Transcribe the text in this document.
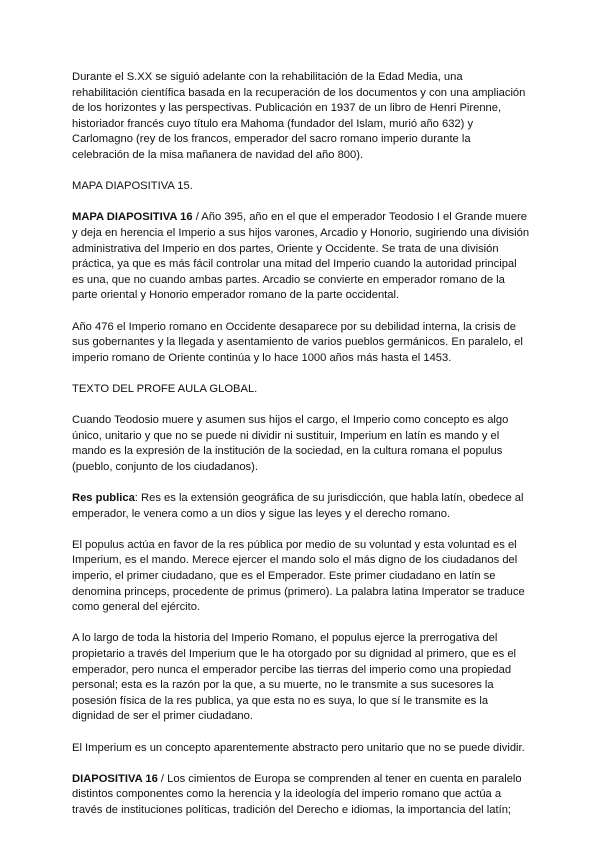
Durante el S.XX se siguió adelante con la rehabilitación de la Edad Media, una rehabilitación científica basada en la recuperación de los documentos y con una ampliación de los horizontes y las perspectivas. Publicación en 1937 de un libro de Henri Pirenne, historiador francés cuyo título era Mahoma (fundador del Islam, murió año 632) y Carlomagno (rey de los francos, emperador del sacro romano imperio durante la celebración de la misa mañanera de navidad del año 800).

MAPA DIAPOSITIVA 15.

MAPA DIAPOSITIVA 16 / Año 395, año en el que el emperador Teodosio I el Grande muere y deja en herencia el Imperio a sus hijos varones, Arcadio y Honorio, sugiriendo una división administrativa del Imperio en dos partes, Oriente y Occidente. Se trata de una división práctica, ya que es más fácil controlar una mitad del Imperio cuando la autoridad principal es una, que no cuando ambas partes. Arcadio se convierte en emperador romano de la parte oriental y Honorio emperador romano de la parte occidental.

Año 476 el Imperio romano en Occidente desaparece por su debilidad interna, la crisis de sus gobernantes y la llegada y asentamiento de varios pueblos germánicos. En paralelo, el imperio romano de Oriente continúa y lo hace 1000 años más hasta el 1453.

TEXTO DEL PROFE AULA GLOBAL.

Cuando Teodosio muere y asumen sus hijos el cargo, el Imperio como concepto es algo único, unitario y que no se puede ni dividir ni sustituir, Imperium en latín es mando y el mando es la expresión de la institución de la sociedad, en la cultura romana el populus (pueblo, conjunto de los ciudadanos).

Res publica: Res es la extensión geográfica de su jurisdicción, que habla latín, obedece al emperador, le venera como a un dios y sigue las leyes y el derecho romano.

El populus actúa en favor de la res pública por medio de su voluntad y esta voluntad es el Imperium, es el mando. Merece ejercer el mando solo el más digno de los ciudadanos del imperio, el primer ciudadano, que es el Emperador. Este primer ciudadano en latín se denomina princeps, procedente de primus (primero). La palabra latina Imperator se traduce como general del ejército.

A lo largo de toda la historia del Imperio Romano, el populus ejerce la prerrogativa del propietario a través del Imperium que le ha otorgado por su dignidad al primero, que es el emperador, pero nunca el emperador percibe las tierras del imperio como una propiedad personal; esta es la razón por la que, a su muerte, no le transmite a sus sucesores la posesión física de la res publica, ya que esta no es suya, lo que sí le transmite es la dignidad de ser el primer ciudadano.

El Imperium es un concepto aparentemente abstracto pero unitario que no se puede dividir.

DIAPOSITIVA 16 / Los cimientos de Europa se comprenden al tener en cuenta en paralelo distintos componentes como la herencia y la ideología del imperio romano que actúa a través de instituciones políticas, tradición del Derecho e idiomas, la importancia del latín;
